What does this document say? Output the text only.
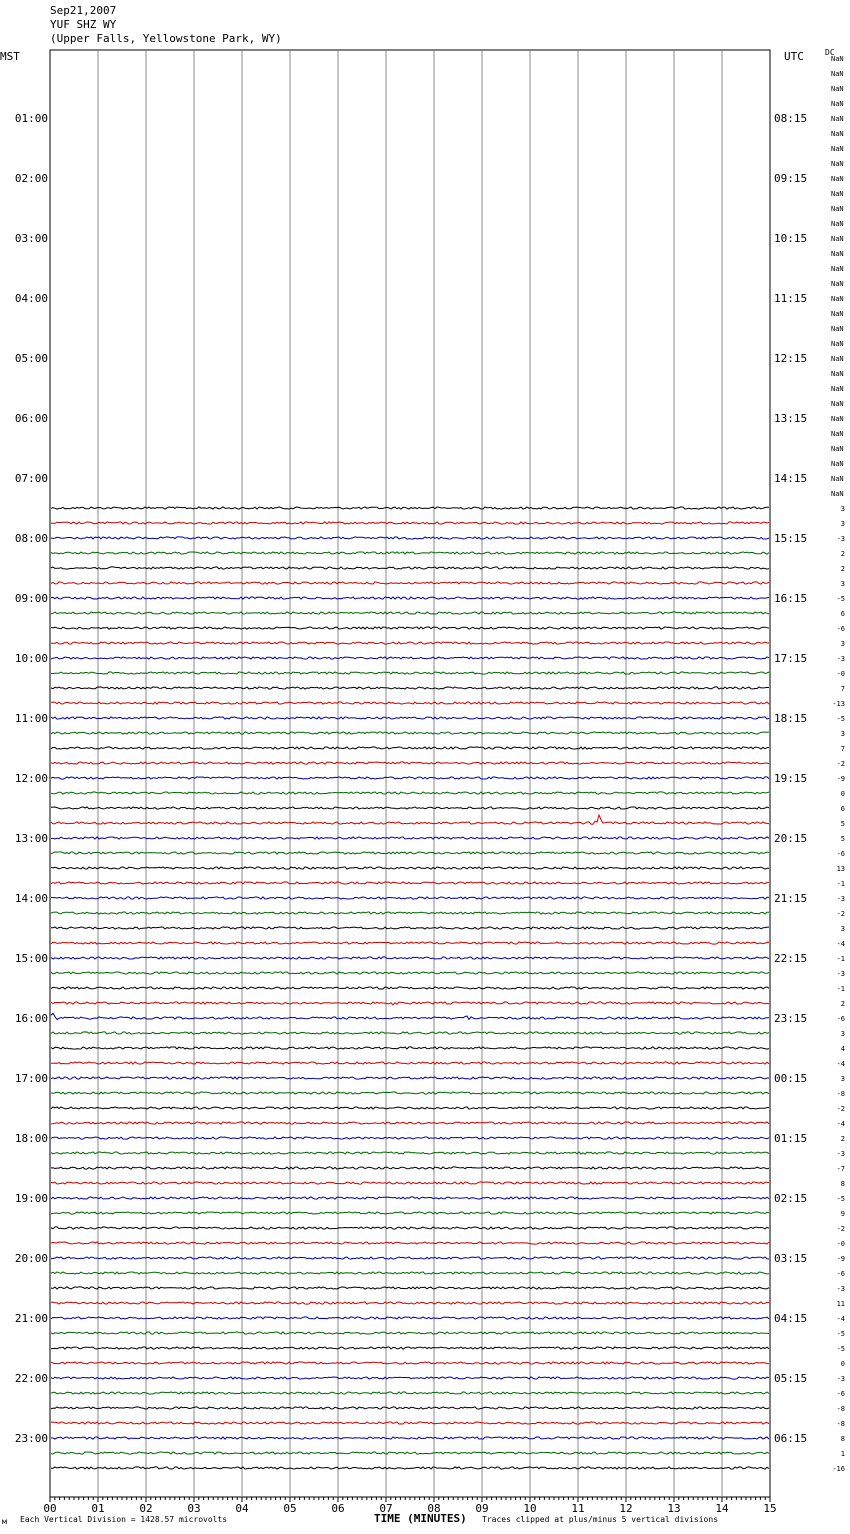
Sep21,2007
YUF SHZ WY
(Upper Falls, Yellowstone Park, WY)
NaN
NaN
NaN
NaN
NaN
NaN
NaN
NaN
NaN
NaN
NaN
NaN
NaN
NaN
NaN
NaN
NaN
NaN
NaN
NaN
NaN
NaN
NaN
NaN
NaN
NaN
NaN
NaN
NaN
NaN
3
3
-3
2
2
3
-5
6
-6
3
-3
-0
7
-13
-5
3
7
-2
-9
0
6
5
5
-6
13
-1
-3
-2
3
-4
-1
-3
-1
2
-6
3
4
-4
3
-8
-2
-4
2
-3
-7
8
-5
9
-2
-0
-9
-6
-3
11
-4
-5
-5
0
-3
-6
-8
-8
8
1
-16
01:00
02:00
03:00
04:00
05:00
06:00
07:00
08:00
09:00
10:00
11:00
12:00
13:00
14:00
15:00
16:00
17:00
18:00
19:00
20:00
21:00
22:00
23:00
08:15
09:15
10:15
11:15
12:15
13:15
14:15
15:15
16:15
17:15
18:15
19:15
20:15
21:15
22:15
23:15
00:15
01:15
02:15
03:15
04:15
05:15
06:15
00	01	02	03	04	05	06	07	08	09	10	11	12	13	14	15
MST	UTC	DC
м Each Vertical Division = 1428.57 microvolts	TIME (MINUTES) Traces clipped at plus/minus 5 vertical divisions
